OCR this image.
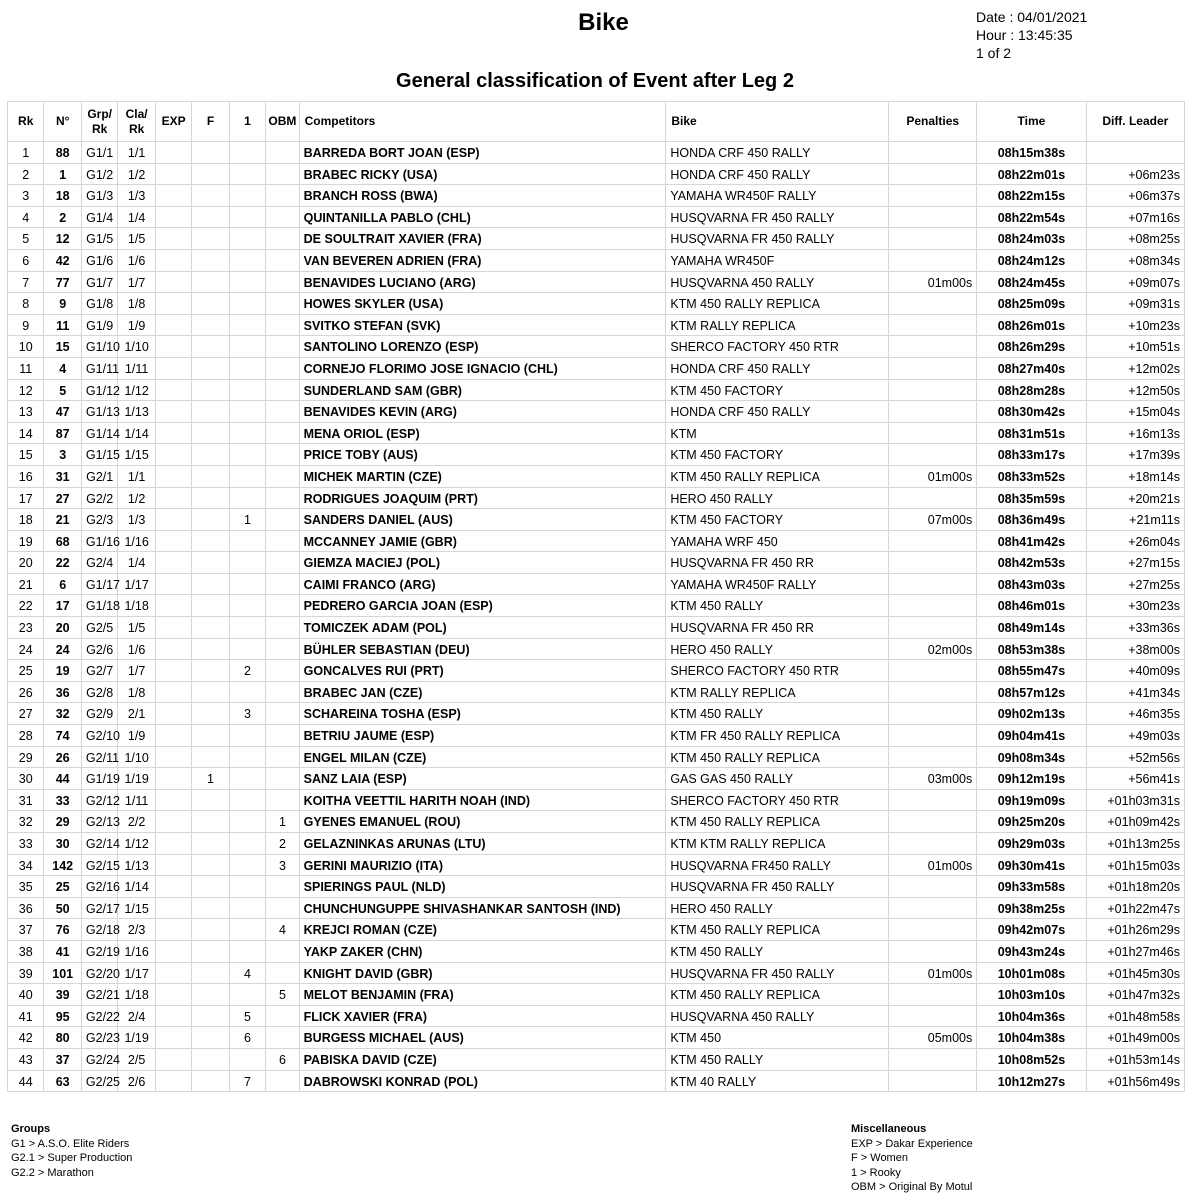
Bike	Date : 04/01/2021
Hour : 13:45:35
1 of 2
General classification of Event after Leg 2
Rk	N°	Grp/ Rk	Cla/ Rk	EXP	F	1	OBM	Competitors	Bike	Penalties	Time	Diff. Leader
1	88	G1/1	1/1					BARREDA BORT JOAN (ESP)	HONDA CRF 450 RALLY		08h15m38s	
2	1	G1/2	1/2					BRABEC RICKY (USA)	HONDA CRF 450 RALLY		08h22m01s	+06m23s
3	18	G1/3	1/3					BRANCH ROSS (BWA)	YAMAHA WR450F RALLY		08h22m15s	+06m37s
4	2	G1/4	1/4					QUINTANILLA PABLO (CHL)	HUSQVARNA FR 450 RALLY		08h22m54s	+07m16s
5	12	G1/5	1/5					DE SOULTRAIT XAVIER (FRA)	HUSQVARNA FR 450 RALLY		08h24m03s	+08m25s
6	42	G1/6	1/6					VAN BEVEREN ADRIEN (FRA)	YAMAHA WR450F		08h24m12s	+08m34s
7	77	G1/7	1/7					BENAVIDES LUCIANO (ARG)	HUSQVARNA 450 RALLY	01m00s	08h24m45s	+09m07s
8	9	G1/8	1/8					HOWES SKYLER (USA)	KTM 450 RALLY REPLICA		08h25m09s	+09m31s
9	11	G1/9	1/9					SVITKO STEFAN (SVK)	KTM RALLY REPLICA		08h26m01s	+10m23s
10	15	G1/10	1/10					SANTOLINO LORENZO (ESP)	SHERCO FACTORY 450 RTR		08h26m29s	+10m51s
11	4	G1/11	1/11					CORNEJO FLORIMO JOSE IGNACIO (CHL)	HONDA CRF 450 RALLY		08h27m40s	+12m02s
12	5	G1/12	1/12					SUNDERLAND SAM (GBR)	KTM 450 FACTORY		08h28m28s	+12m50s
13	47	G1/13	1/13					BENAVIDES KEVIN (ARG)	HONDA CRF 450 RALLY		08h30m42s	+15m04s
14	87	G1/14	1/14					MENA ORIOL (ESP)	KTM		08h31m51s	+16m13s
15	3	G1/15	1/15					PRICE TOBY (AUS)	KTM 450 FACTORY		08h33m17s	+17m39s
16	31	G2/1	1/1					MICHEK MARTIN (CZE)	KTM 450 RALLY REPLICA	01m00s	08h33m52s	+18m14s
17	27	G2/2	1/2					RODRIGUES JOAQUIM (PRT)	HERO 450 RALLY		08h35m59s	+20m21s
18	21	G2/3	1/3			1		SANDERS DANIEL (AUS)	KTM 450 FACTORY	07m00s	08h36m49s	+21m11s
19	68	G1/16	1/16					MCCANNEY JAMIE (GBR)	YAMAHA WRF 450		08h41m42s	+26m04s
20	22	G2/4	1/4					GIEMZA MACIEJ (POL)	HUSQVARNA FR 450 RR		08h42m53s	+27m15s
21	6	G1/17	1/17					CAIMI FRANCO (ARG)	YAMAHA WR450F RALLY		08h43m03s	+27m25s
22	17	G1/18	1/18					PEDRERO GARCIA JOAN (ESP)	KTM 450 RALLY		08h46m01s	+30m23s
23	20	G2/5	1/5					TOMICZEK ADAM (POL)	HUSQVARNA FR 450 RR		08h49m14s	+33m36s
24	24	G2/6	1/6					BÜHLER SEBASTIAN (DEU)	HERO 450 RALLY	02m00s	08h53m38s	+38m00s
25	19	G2/7	1/7			2		GONCALVES RUI (PRT)	SHERCO FACTORY 450 RTR		08h55m47s	+40m09s
26	36	G2/8	1/8					BRABEC JAN (CZE)	KTM RALLY REPLICA		08h57m12s	+41m34s
27	32	G2/9	2/1			3		SCHAREINA TOSHA (ESP)	KTM 450 RALLY		09h02m13s	+46m35s
28	74	G2/10	1/9					BETRIU JAUME (ESP)	KTM FR 450 RALLY REPLICA		09h04m41s	+49m03s
29	26	G2/11	1/10					ENGEL MILAN (CZE)	KTM 450 RALLY REPLICA		09h08m34s	+52m56s
30	44	G1/19	1/19		1			SANZ LAIA (ESP)	GAS GAS 450 RALLY	03m00s	09h12m19s	+56m41s
31	33	G2/12	1/11					KOITHA VEETTIL HARITH NOAH (IND)	SHERCO FACTORY 450 RTR		09h19m09s	+01h03m31s
32	29	G2/13	2/2				1	GYENES EMANUEL (ROU)	KTM 450 RALLY REPLICA		09h25m20s	+01h09m42s
33	30	G2/14	1/12				2	GELAZNINKAS ARUNAS (LTU)	KTM KTM RALLY REPLICA		09h29m03s	+01h13m25s
34	142	G2/15	1/13				3	GERINI MAURIZIO (ITA)	HUSQVARNA FR450 RALLY	01m00s	09h30m41s	+01h15m03s
35	25	G2/16	1/14					SPIERINGS PAUL (NLD)	HUSQVARNA FR 450 RALLY		09h33m58s	+01h18m20s
36	50	G2/17	1/15					CHUNCHUNGUPPE SHIVASHANKAR SANTOSH (IND)	HERO 450 RALLY		09h38m25s	+01h22m47s
37	76	G2/18	2/3				4	KREJCI ROMAN (CZE)	KTM 450 RALLY REPLICA		09h42m07s	+01h26m29s
38	41	G2/19	1/16					YAKP ZAKER (CHN)	KTM 450 RALLY		09h43m24s	+01h27m46s
39	101	G2/20	1/17			4		KNIGHT DAVID (GBR)	HUSQVARNA FR 450 RALLY	01m00s	10h01m08s	+01h45m30s
40	39	G2/21	1/18				5	MELOT BENJAMIN (FRA)	KTM 450 RALLY REPLICA		10h03m10s	+01h47m32s
41	95	G2/22	2/4			5		FLICK XAVIER (FRA)	HUSQVARNA 450 RALLY		10h04m36s	+01h48m58s
42	80	G2/23	1/19			6		BURGESS MICHAEL (AUS)	KTM 450	05m00s	10h04m38s	+01h49m00s
43	37	G2/24	2/5				6	PABISKA DAVID (CZE)	KTM 450 RALLY		10h08m52s	+01h53m14s
44	63	G2/25	2/6			7		DABROWSKI KONRAD (POL)	KTM 40 RALLY		10h12m27s	+01h56m49s
Groups
G1 > A.S.O. Elite Riders
G2.1 > Super Production
G2.2 > Marathon
Miscellaneous
EXP > Dakar Experience
F > Women
1 > Rooky
OBM > Original By Motul
